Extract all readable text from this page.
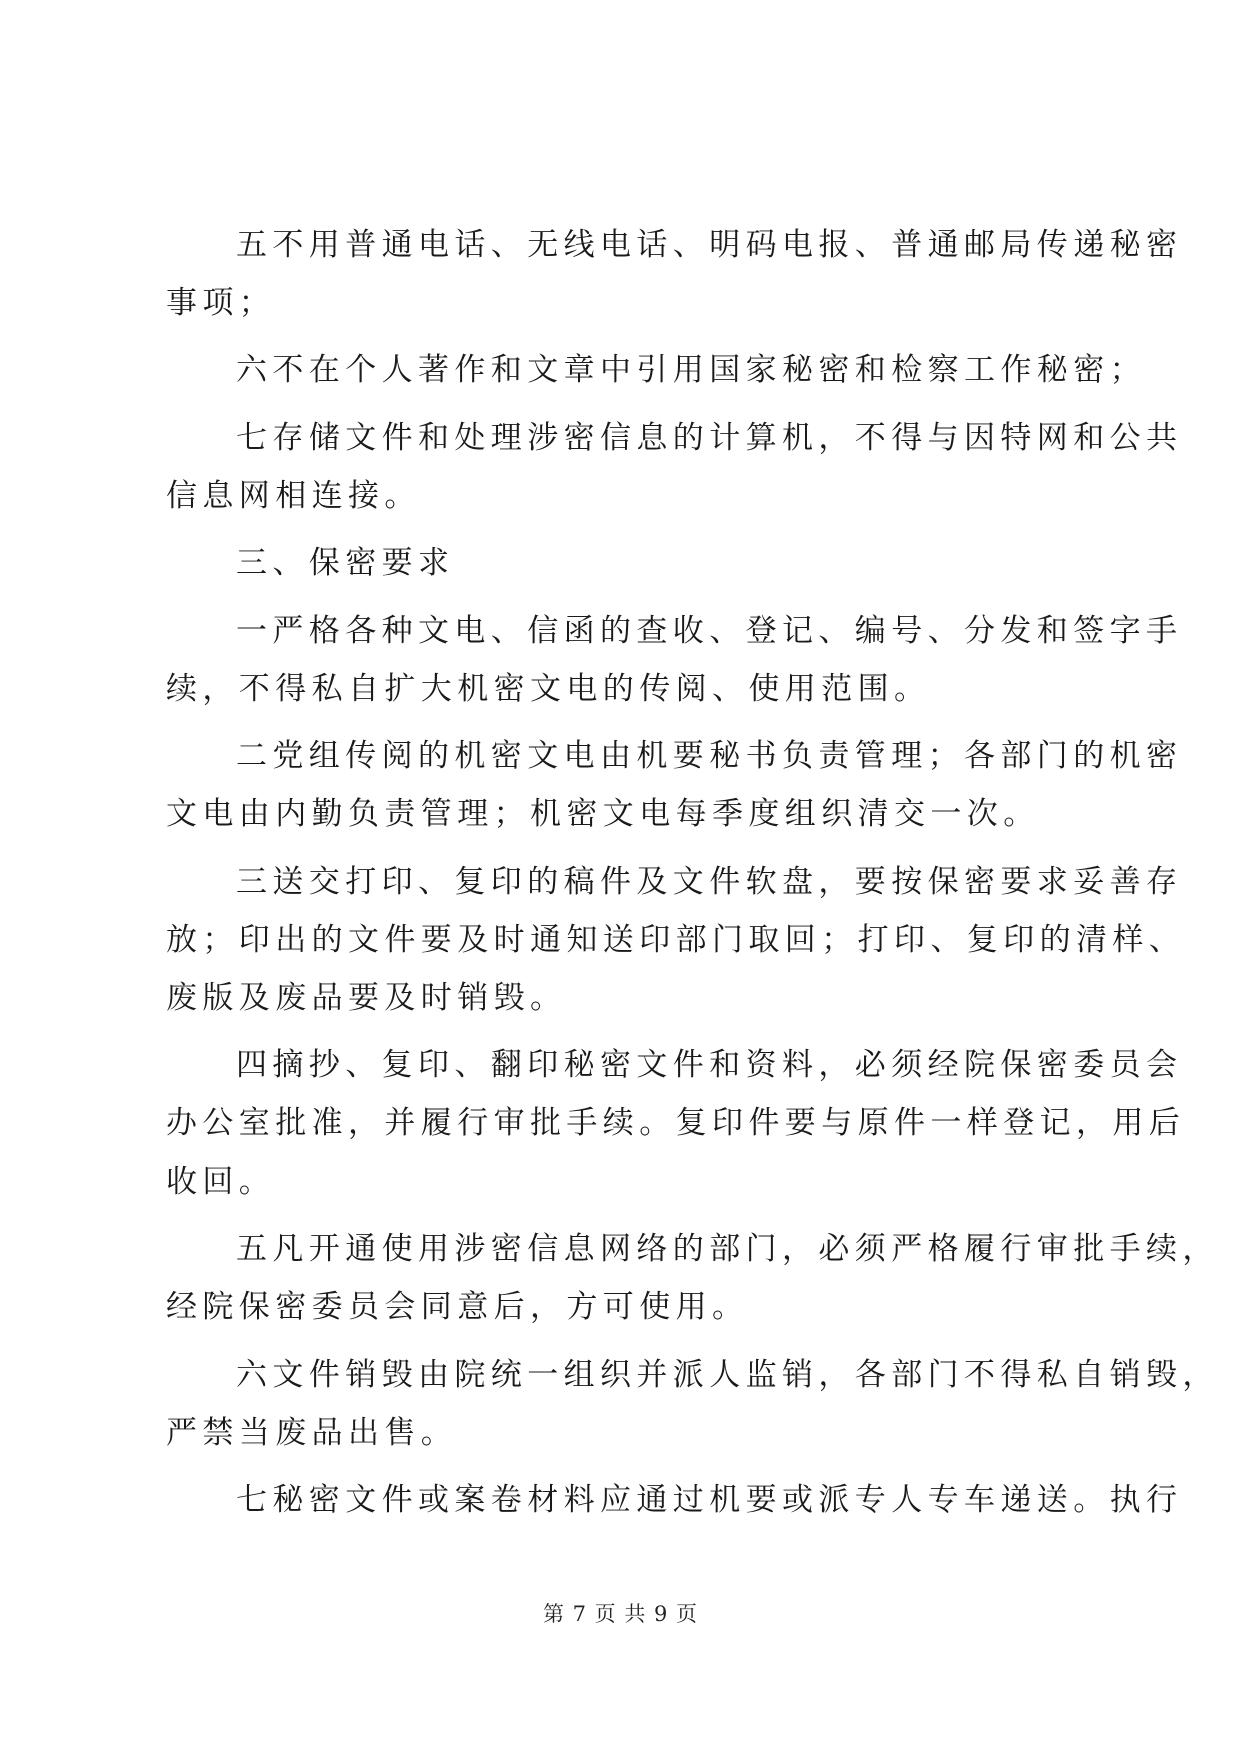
五不用普通电话、无线电话、明码电报、普通邮局传递秘密
事项；
六不在个人著作和文章中引用国家秘密和检察工作秘密；
七存储文件和处理涉密信息的计算机，不得与因特网和公共
信息网相连接。
三、保密要求
一严格各种文电、信函的查收、登记、编号、分发和签字手
续，不得私自扩大机密文电的传阅、使用范围。
二党组传阅的机密文电由机要秘书负责管理；各部门的机密
文电由内勤负责管理；机密文电每季度组织清交一次。
三送交打印、复印的稿件及文件软盘，要按保密要求妥善存
放；印出的文件要及时通知送印部门取回；打印、复印的清样、
废版及废品要及时销毁。
四摘抄、复印、翻印秘密文件和资料，必须经院保密委员会
办公室批准，并履行审批手续。复印件要与原件一样登记，用后
收回。
五凡开通使用涉密信息网络的部门，必须严格履行审批手续，
经院保密委员会同意后，方可使用。
六文件销毁由院统一组织并派人监销，各部门不得私自销毁，
严禁当废品出售。
七秘密文件或案卷材料应通过机要或派专人专车递送。执行
第 7 页 共 9 页
